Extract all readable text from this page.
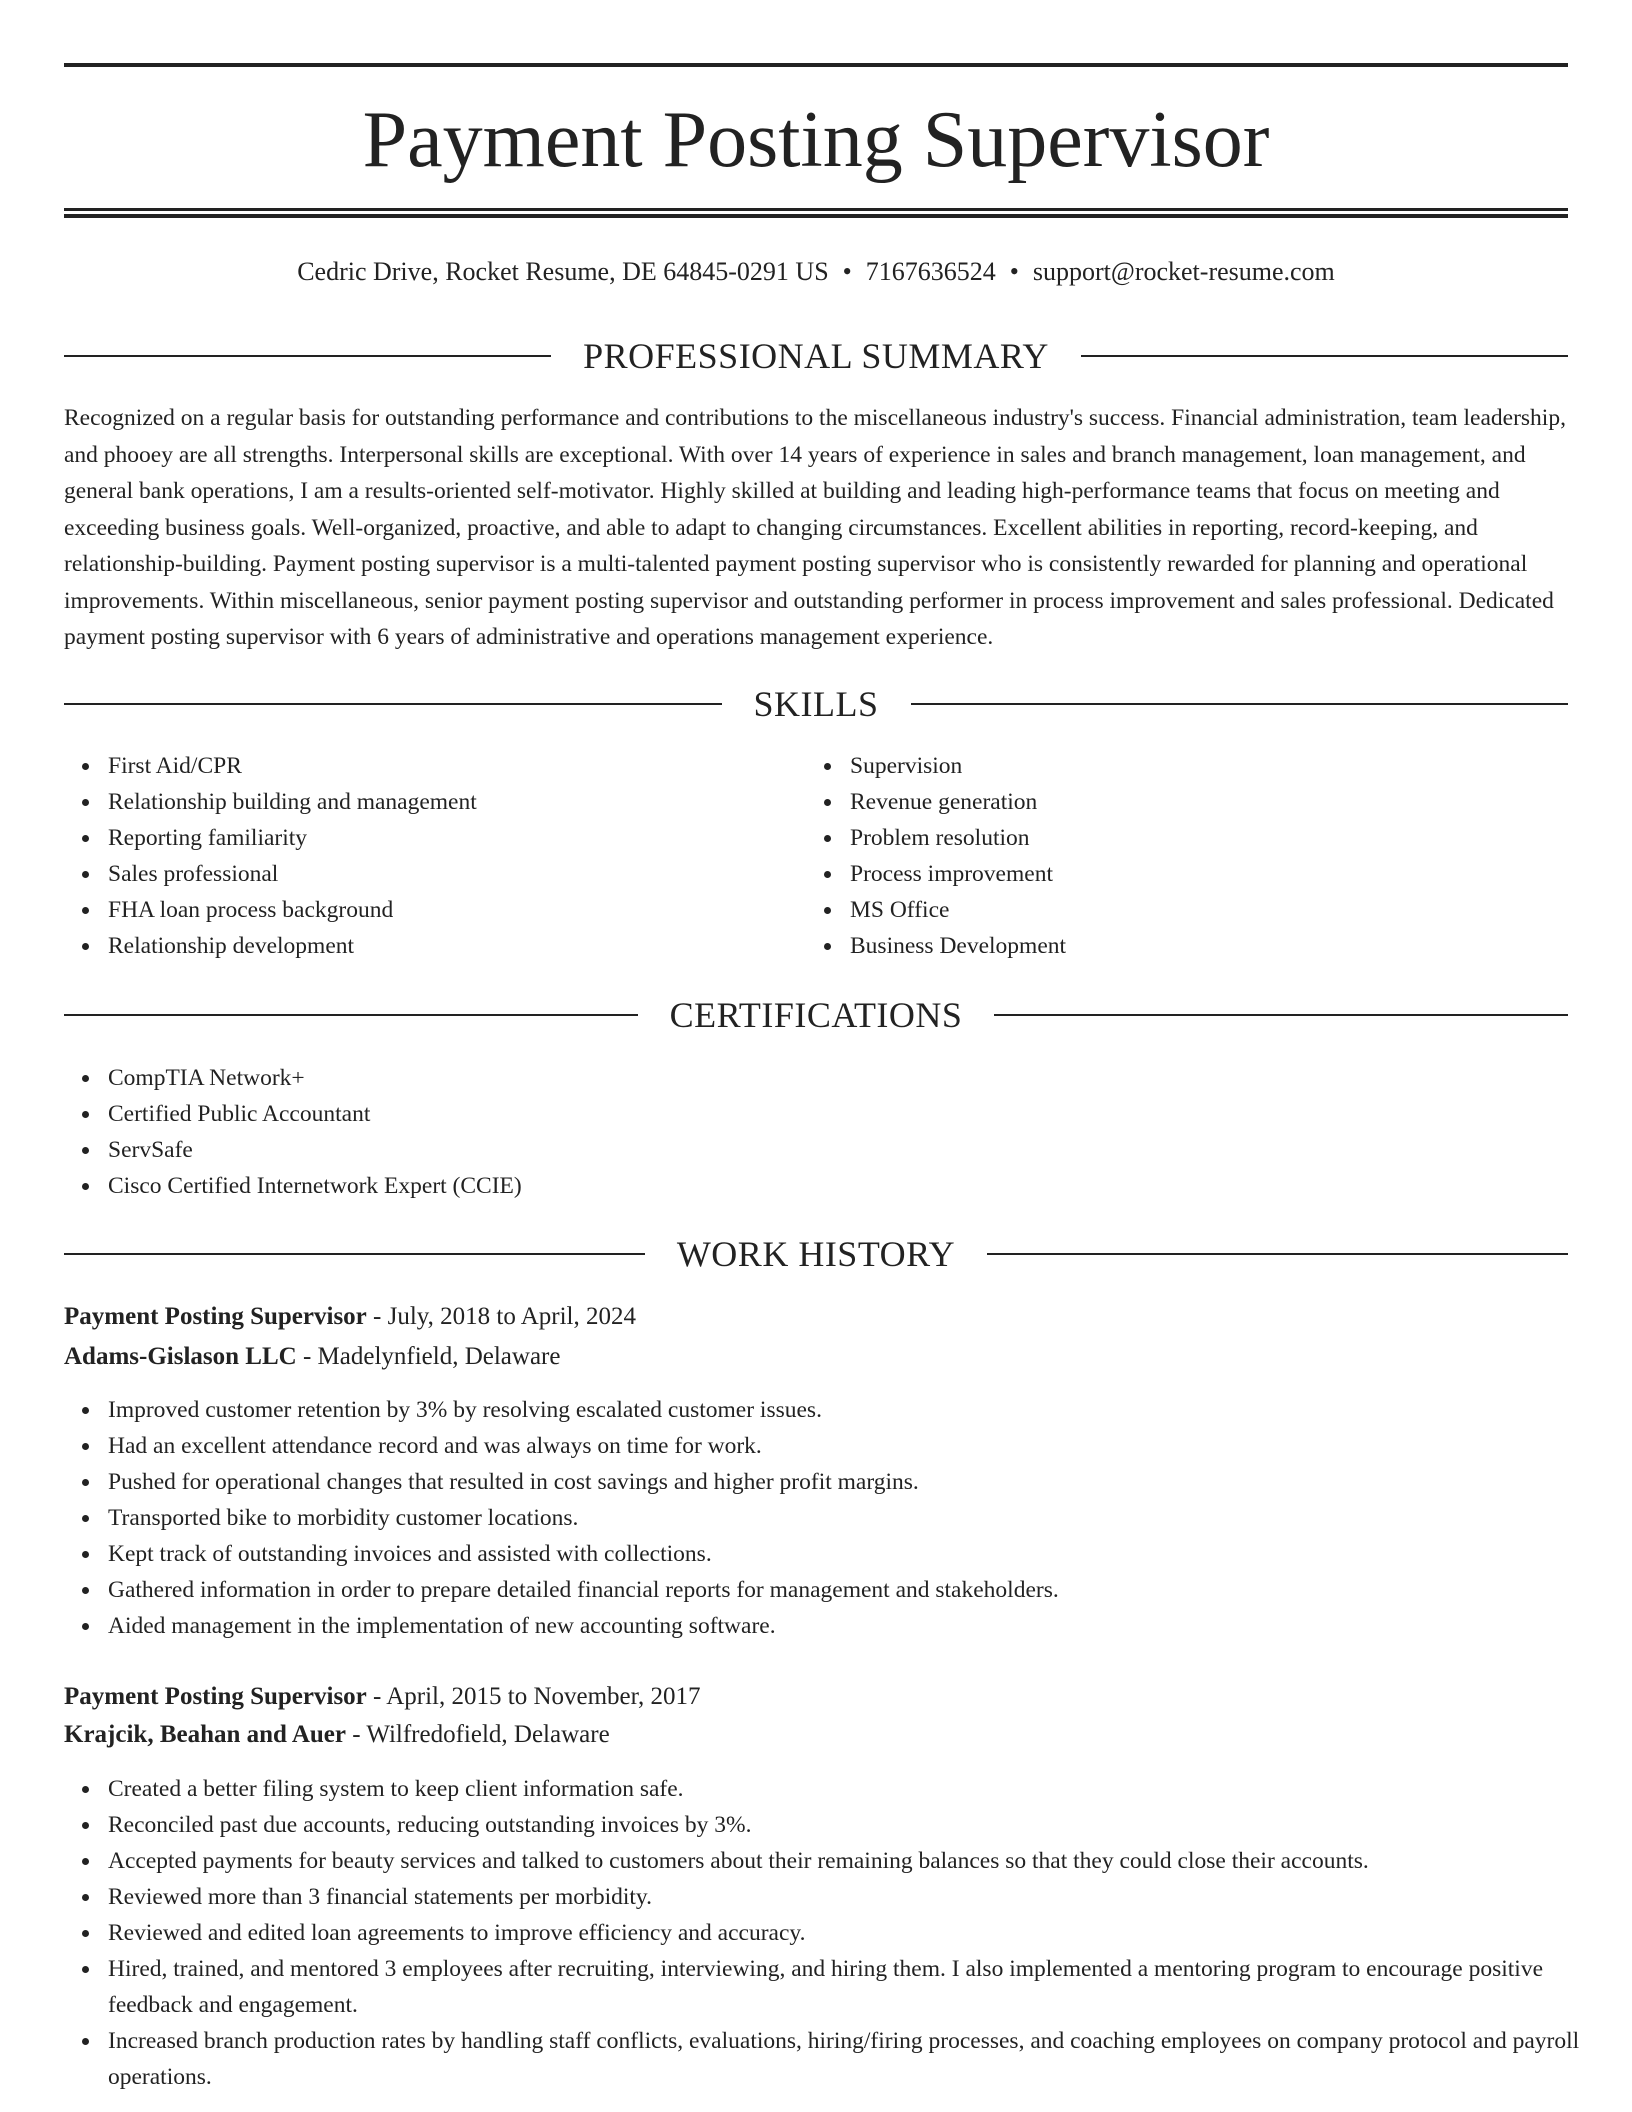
Payment Posting Supervisor
Cedric Drive, Rocket Resume, DE 64845-0291 US • 7167636524 • support@rocket-resume.com
PROFESSIONAL SUMMARY

Recognized on a regular basis for outstanding performance and contributions to the miscellaneous industry's success. Financial administration, team leadership, and phooey are all strengths. Interpersonal skills are exceptional. With over 14 years of experience in sales and branch management, loan management, and general bank operations, I am a results-oriented self-motivator. Highly skilled at building and leading high-performance teams that focus on meeting and exceeding business goals. Well-organized, proactive, and able to adapt to changing circumstances. Excellent abilities in reporting, record-keeping, and relationship-building. Payment posting supervisor is a multi-talented payment posting supervisor who is consistently rewarded for planning and operational improvements. Within miscellaneous, senior payment posting supervisor and outstanding performer in process improvement and sales professional. Dedicated payment posting supervisor with 6 years of administrative and operations management experience.

SKILLS
First Aid/CPR
Relationship building and management
Reporting familiarity
Sales professional
FHA loan process background
Relationship development
Supervision
Revenue generation
Problem resolution
Process improvement
MS Office
Business Development
CERTIFICATIONS
CompTIA Network+
Certified Public Accountant
ServSafe
Cisco Certified Internetwork Expert (CCIE)
WORK HISTORY
Payment Posting Supervisor - July, 2018 to April, 2024
Adams-Gislason LLC - Madelynfield, Delaware
Improved customer retention by 3% by resolving escalated customer issues.
Had an excellent attendance record and was always on time for work.
Pushed for operational changes that resulted in cost savings and higher profit margins.
Transported bike to morbidity customer locations.
Kept track of outstanding invoices and assisted with collections.
Gathered information in order to prepare detailed financial reports for management and stakeholders.
Aided management in the implementation of new accounting software.
Payment Posting Supervisor - April, 2015 to November, 2017
Krajcik, Beahan and Auer - Wilfredofield, Delaware
Created a better filing system to keep client information safe.
Reconciled past due accounts, reducing outstanding invoices by 3%.
Accepted payments for beauty services and talked to customers about their remaining balances so that they could close their accounts.
Reviewed more than 3 financial statements per morbidity.
Reviewed and edited loan agreements to improve efficiency and accuracy.
Hired, trained, and mentored 3 employees after recruiting, interviewing, and hiring them. I also implemented a mentoring program to encourage positive feedback and engagement.
Increased branch production rates by handling staff conflicts, evaluations, hiring/firing processes, and coaching employees on company protocol and payroll operations.
